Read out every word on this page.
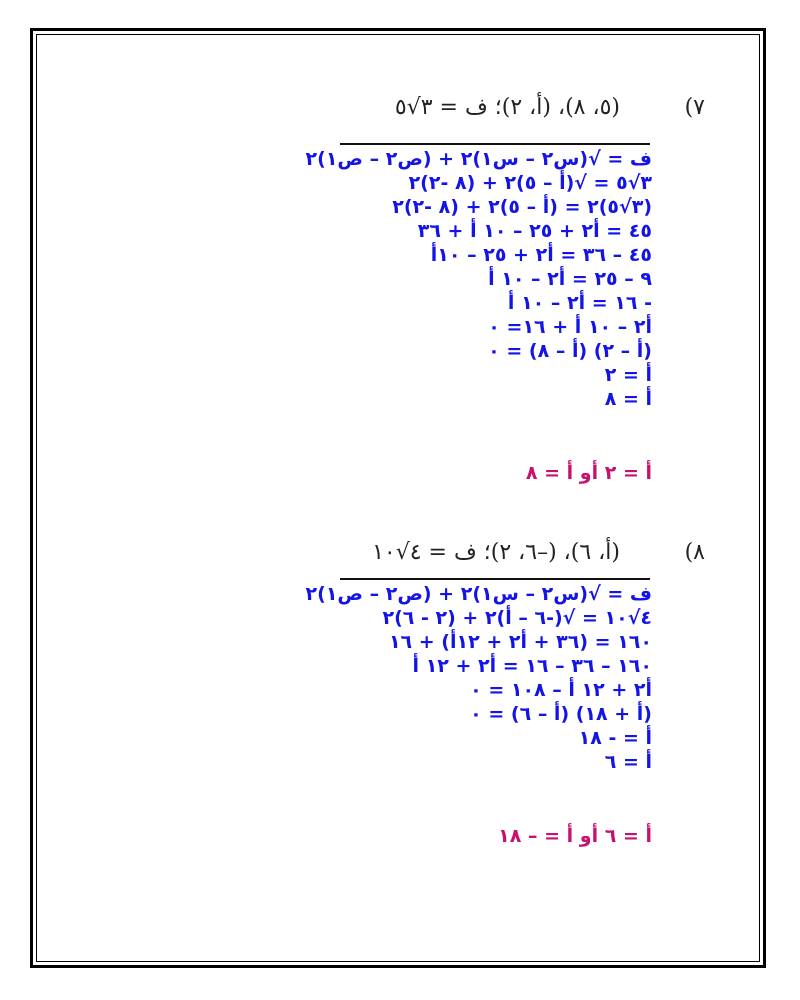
(٥، ٨)، (أ، ٢)؛ ف = ٣√٥	(٧
ف = √(س٢ – س١)٢ + (ص٢ – ص١)٢
٣√٥ = √(أ – ٥)٢ + (٨ -٢)٢
(٣√٥)٢ = (أ – ٥)٢ + (٨ -٢)٢
٤٥ = أ٢ + ٢٥ – ١٠ أ + ٣٦
٤٥ – ٣٦ = أ٢ + ٢٥ – ١٠أ
٩ – ٢٥ = أ٢ – ١٠ أ
- ١٦ = أ٢ – ١٠ أ
أ٢ – ١٠ أ + ١٦= ٠
(أ – ٢) (أ – ٨) = ٠
أ = ٢
أ = ٨
أ = ٢ أو أ = ٨
(أ، ٦)، (–٦، ٢)؛ ف = ٤√١٠	(٨
ف = √(س٢ – س١)٢ + (ص٢ – ص١)٢
٤√١٠ = √(-٦ – أ)٢ + (٢ - ٦)٢
١٦٠ = (٣٦ + أ٢ + ١٢أ) + ١٦
١٦٠ – ٣٦ – ١٦ = أ٢ + ١٢ أ
أ٢ + ١٢ أ – ١٠٨ = ٠
(أ + ١٨) (أ – ٦) = ٠
أ = - ١٨
أ = ٦
أ = ٦ أو أ = – ١٨
